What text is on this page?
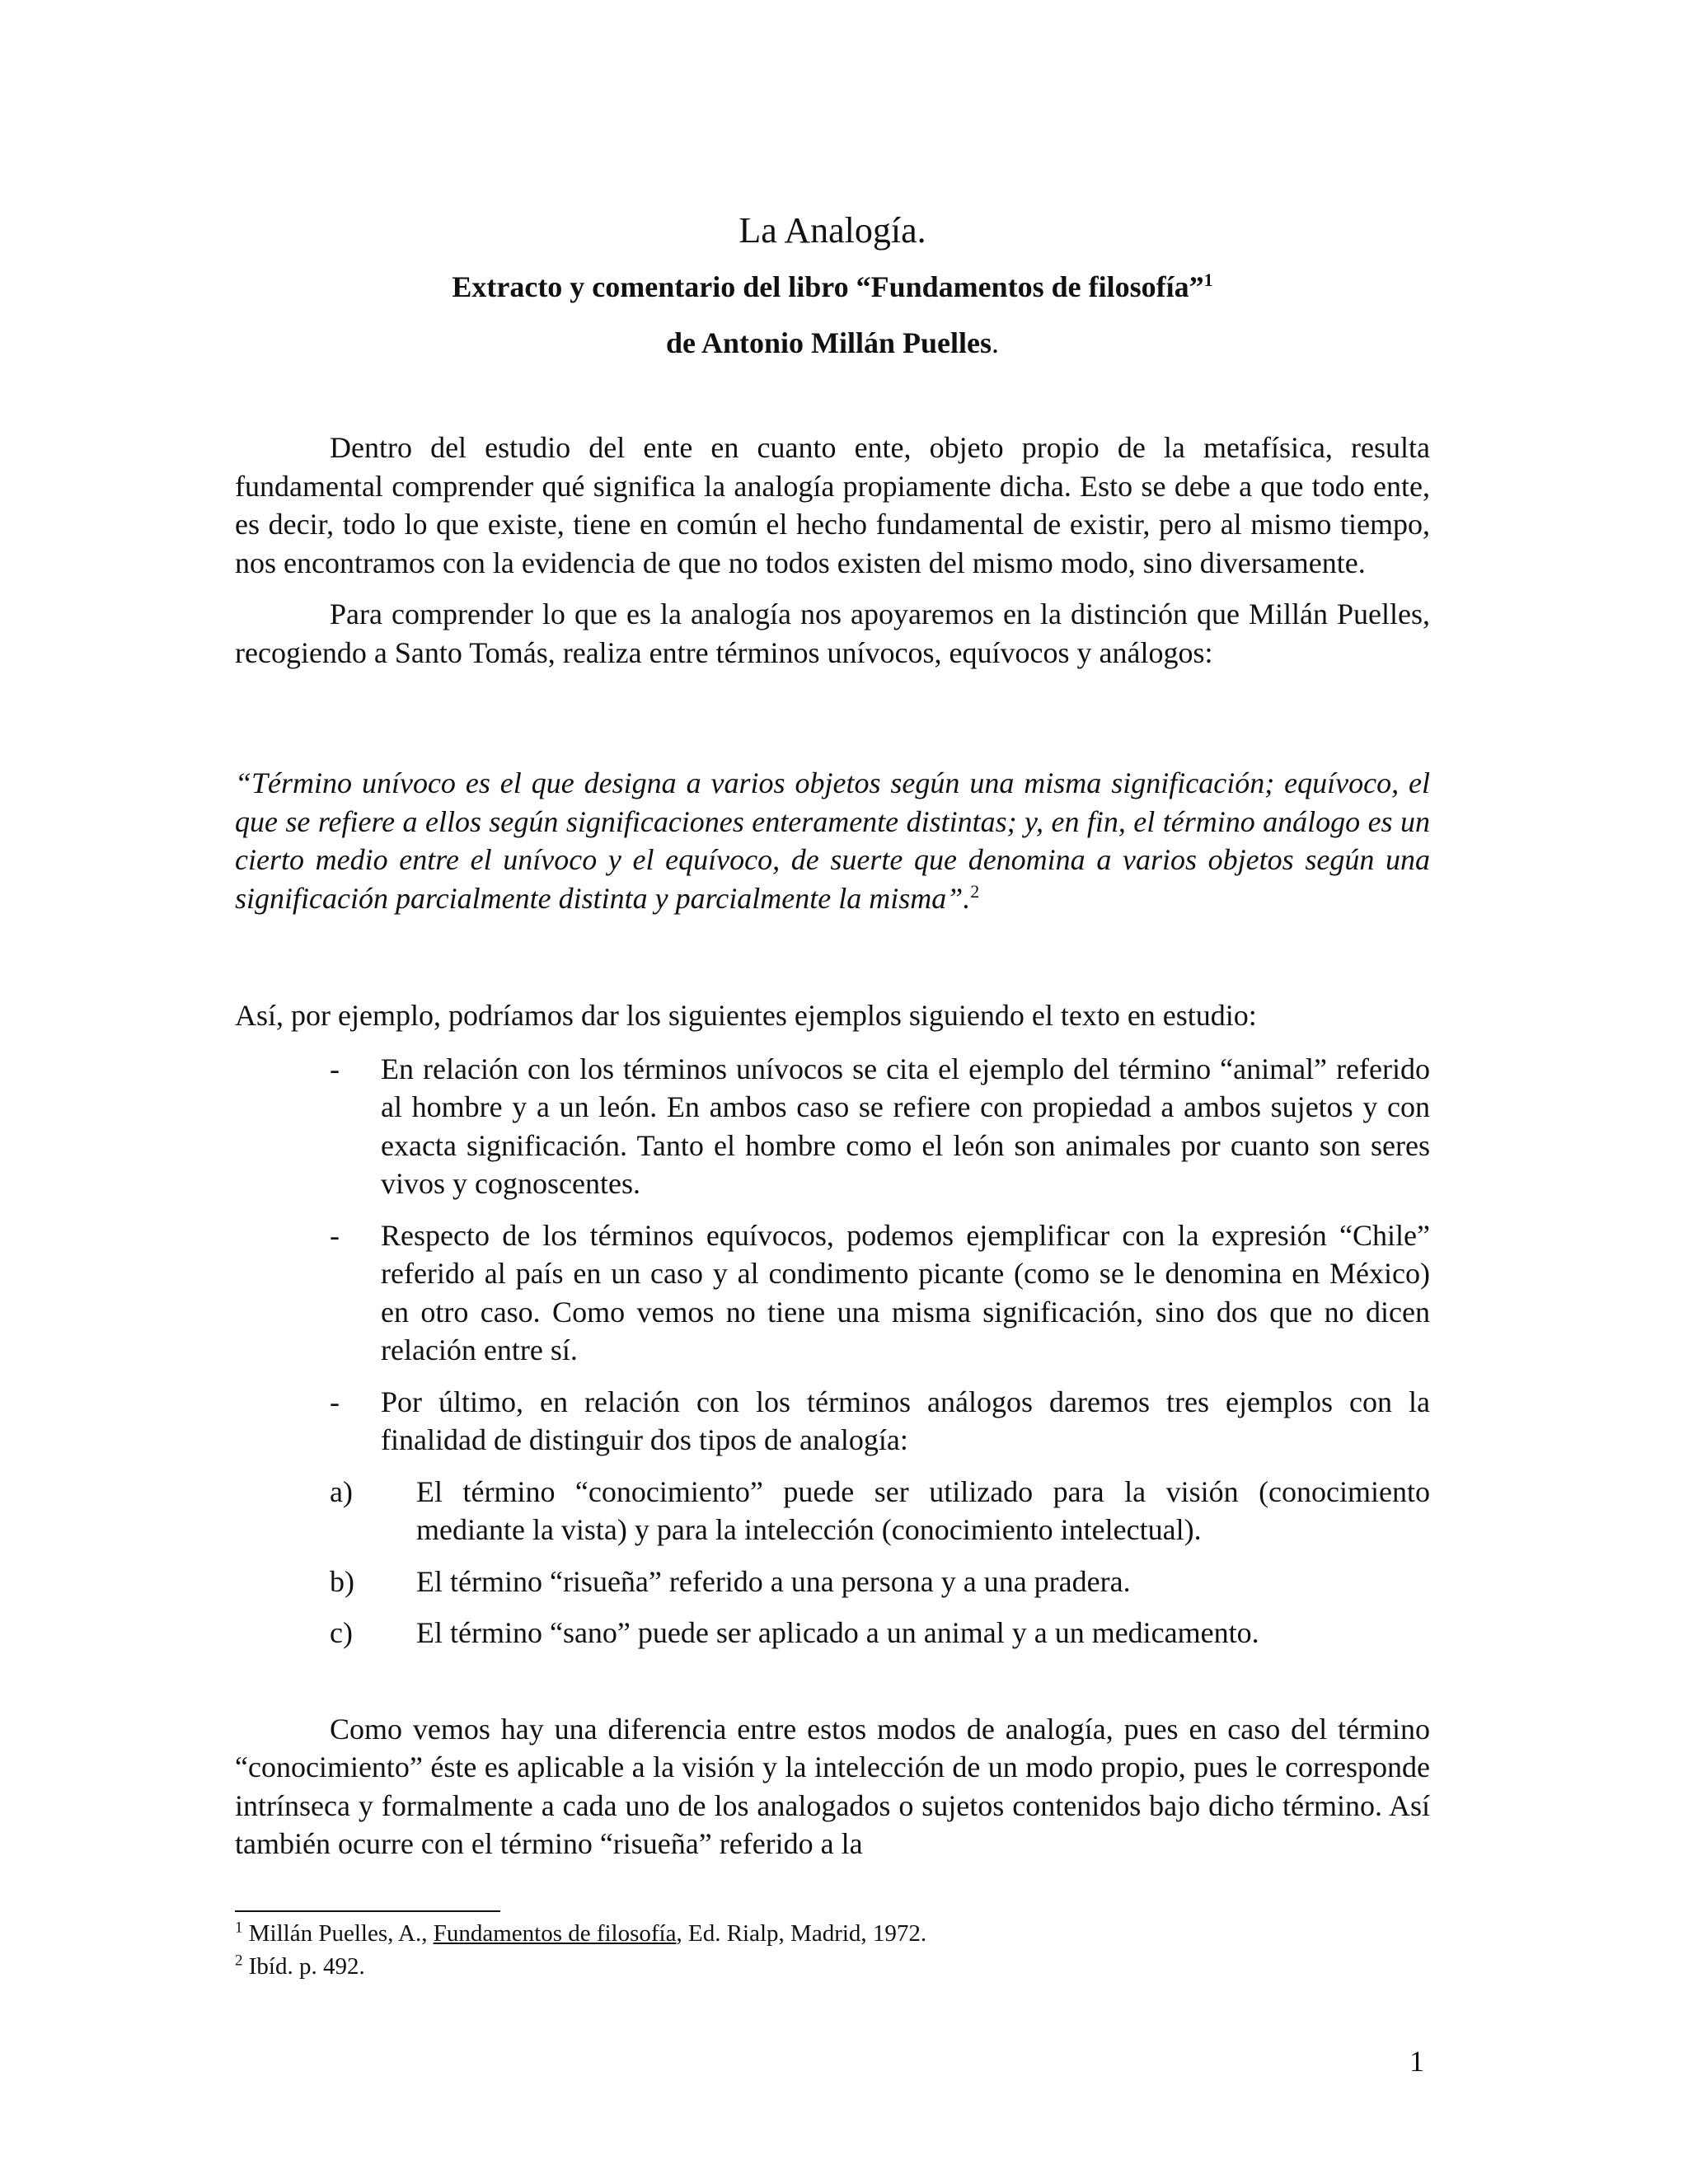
La Analogía.
Extracto y comentario del libro “Fundamentos de filosofía”$^1$
de Antonio Millán Puelles.

Dentro del estudio del ente en cuanto ente, objeto propio de la metafísica, resulta fundamental comprender qué significa la analogía propiamente dicha. Esto se debe a que todo ente, es decir, todo lo que existe, tiene en común el hecho fundamental de existir, pero al mismo tiempo, nos encontramos con la evidencia de que no todos existen del mismo modo, sino diversamente.

Para comprender lo que es la analogía nos apoyaremos en la distinción que Millán Puelles, recogiendo a Santo Tomás, realiza entre términos unívocos, equívocos y análogos:

“Término unívoco es el que designa a varios objetos según una misma significación; equívoco, el que se refiere a ellos según significaciones enteramente distintas; y, en fin, el término análogo es un cierto medio entre el unívoco y el equívoco, de suerte que denomina a varios objetos según una significación parcialmente distinta y parcialmente la misma”.$^2$

Así, por ejemplo, podríamos dar los siguientes ejemplos siguiendo el texto en estudio:

-	En relación con los términos unívocos se cita el ejemplo del término “animal” referido al hombre y a un león. En ambos caso se refiere con propiedad a ambos sujetos y con exacta significación. Tanto el hombre como el león son animales por cuanto son seres vivos y cognoscentes.
-	Respecto de los términos equívocos, podemos ejemplificar con la expresión “Chile” referido al país en un caso y al condimento picante (como se le denomina en México) en otro caso. Como vemos no tiene una misma significación, sino dos que no dicen relación entre sí.
-	Por último, en relación con los términos análogos daremos tres ejemplos con la finalidad de distinguir dos tipos de analogía:
a)	El término “conocimiento” puede ser utilizado para la visión (conocimiento mediante la vista) y para la intelección (conocimiento intelectual).
b)	El término “risueña” referido a una persona y a una pradera.
c)	El término “sano” puede ser aplicado a un animal y a un medicamento.

Como vemos hay una diferencia entre estos modos de analogía, pues en caso del término “conocimiento” éste es aplicable a la visión y la intelección de un modo propio, pues le corresponde intrínseca y formalmente a cada uno de los analogados o sujetos contenidos bajo dicho término. Así también ocurre con el término “risueña” referido a la

$^1$ Millán Puelles, A., Fundamentos de filosofía, Ed. Rialp, Madrid, 1972.

$^2$ Ibíd. p. 492.

1
